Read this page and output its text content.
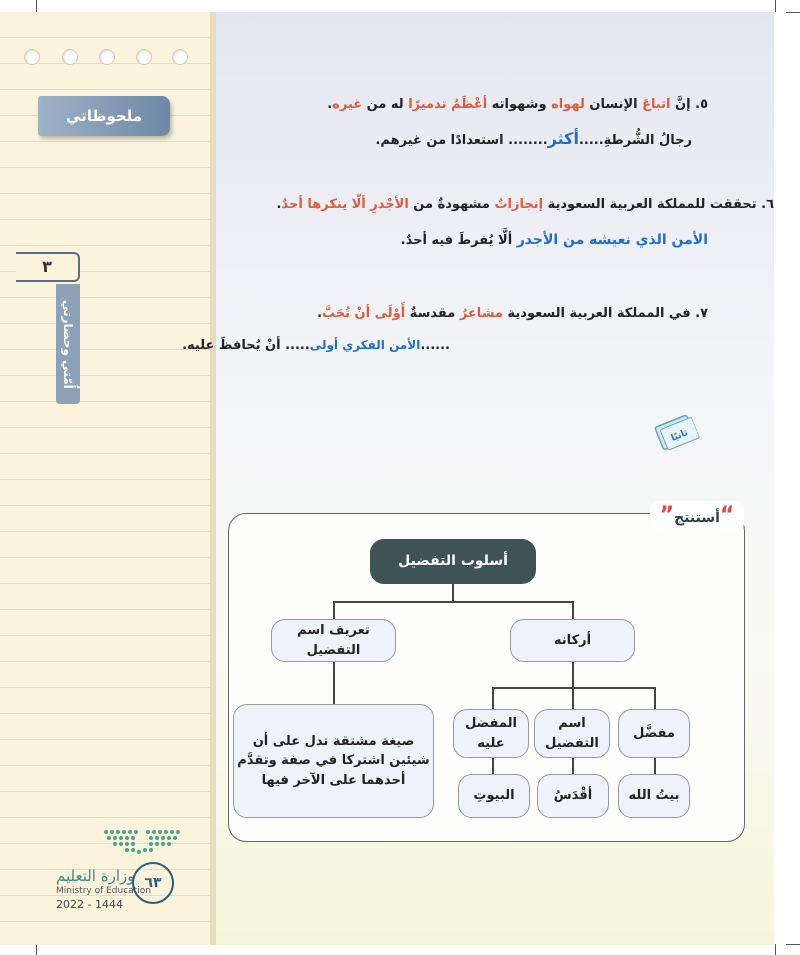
ملحوظاتي
٣
أُمّتي وحضارتي
٥. إنَّ اتباعَ الإنسان لهواه وشهواته أعْظَمُ تدميرًا له من غيره.
رجالُ الشُّرطةِ.....أكثر........ استعدادًا من غيرهم.
٦. تحققت للمملكة العربية السعودية إنجازاتٌ مشهودةٌ من الأجْدرِ ألّا ينكرها أحدٌ.
الأمن الذي نعيشه من الأجدر ألَّا يُفرطَ فيه أحدٌ.
٧. في المملكة العربية السعودية مشاعرُ مقدسةٌ أَوْلَى أنْ تُحَبَّ.
......الأمن الفكري أولى..... أنْ يُحافظَ عليه.
ثانيًا
“أستنتج”
أسلوب التفضيل
تعريف اسم التفضيل
أركانه
صيغة مشتقة تدل على أن
شيئين اشتركا في صفة وتقدَّم
أحدهما على الآخر فيها
مفضَّل
اسم التفضيل
المفضل عليه
بيتُ الله
أقْدَسُ
البيوتِ
وزارة التعليم
Ministry of Education
2022 - 1444
٦٣
